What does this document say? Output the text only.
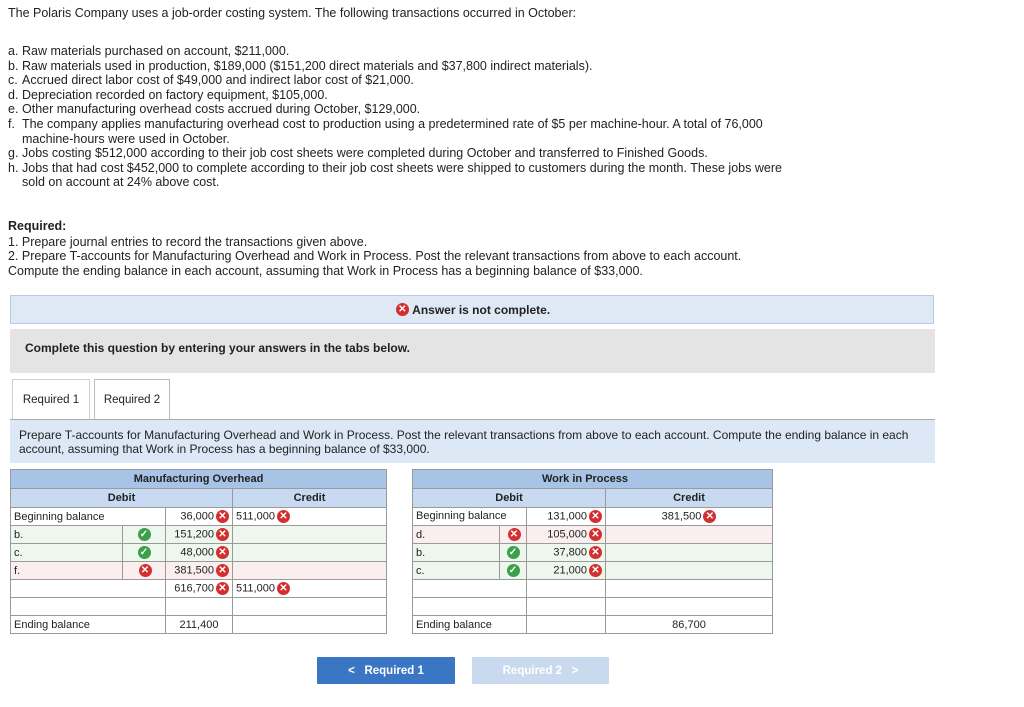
The Polaris Company uses a job-order costing system. The following transactions occurred in October:
a. Raw materials purchased on account, $211,000.
b. Raw materials used in production, $189,000 ($151,200 direct materials and $37,800 indirect materials).
c. Accrued direct labor cost of $49,000 and indirect labor cost of $21,000.
d. Depreciation recorded on factory equipment, $105,000.
e. Other manufacturing overhead costs accrued during October, $129,000.
f. The company applies manufacturing overhead cost to production using a predetermined rate of $5 per machine-hour. A total of 76,000 machine-hours were used in October.
g. Jobs costing $512,000 according to their job cost sheets were completed during October and transferred to Finished Goods.
h. Jobs that had cost $452,000 to complete according to their job cost sheets were shipped to customers during the month. These jobs were sold on account at 24% above cost.
Required:
1. Prepare journal entries to record the transactions given above.
2. Prepare T-accounts for Manufacturing Overhead and Work in Process. Post the relevant transactions from above to each account.
Compute the ending balance in each account, assuming that Work in Process has a beginning balance of $33,000.
✕
Answer is not complete.
Complete this question by entering your answers in the tabs below.
Required 1	Required 2
Prepare T-accounts for Manufacturing Overhead and Work in Process. Post the relevant transactions from above to each account. Compute the ending balance in each account, assuming that Work in Process has a beginning balance of $33,000.
Manufacturing Overhead			
Debit			Credit
Beginning balance		36,000 ✕	511,000 ✕
b.	✓	151,200 ✕	
c.	✓	48,000 ✕	
f.	✕	381,500 ✕	
		616,700 ✕	511,000 ✕

Ending balance		211,400	
Work in Process			
Debit			Credit
Beginning balance		131,000 ✕	381,500 ✕
d.	✕	105,000 ✕	
b.	✓	37,800 ✕	
c.	✓	21,000 ✕	

Ending balance			86,700
<
Required 1	Required 2
>
